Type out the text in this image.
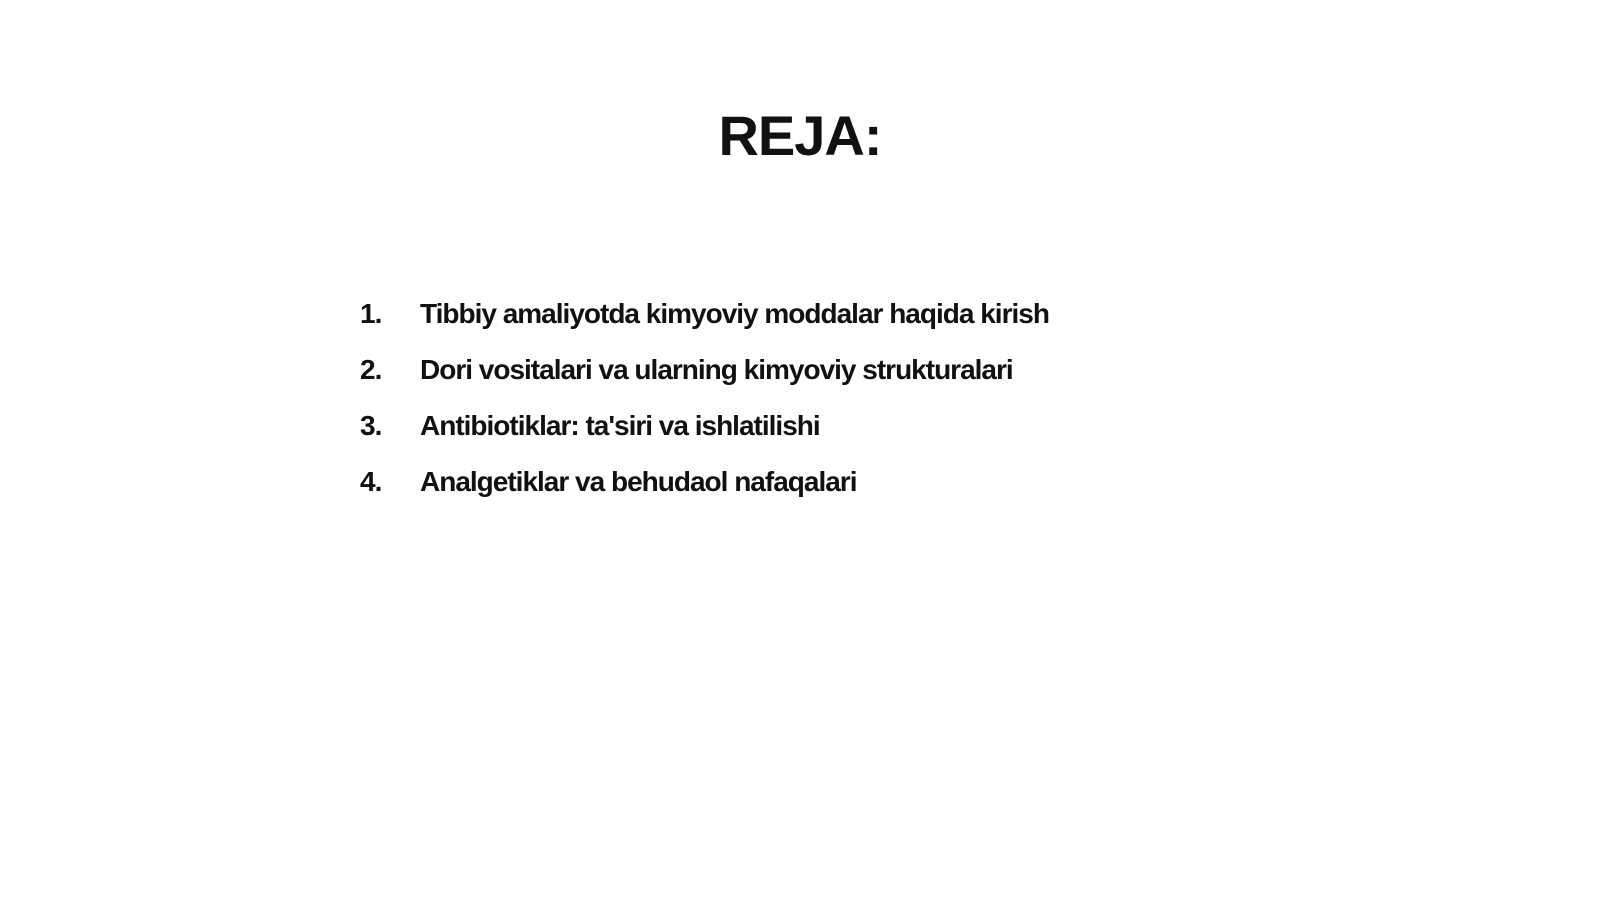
REJA:
1.	Tibbiy amaliyotda kimyoviy moddalar haqida kirish
2.	Dori vositalari va ularning kimyoviy strukturalari
3.	Antibiotiklar: ta'siri va ishlatilishi
4.	Analgetiklar va behudaol nafaqalari
